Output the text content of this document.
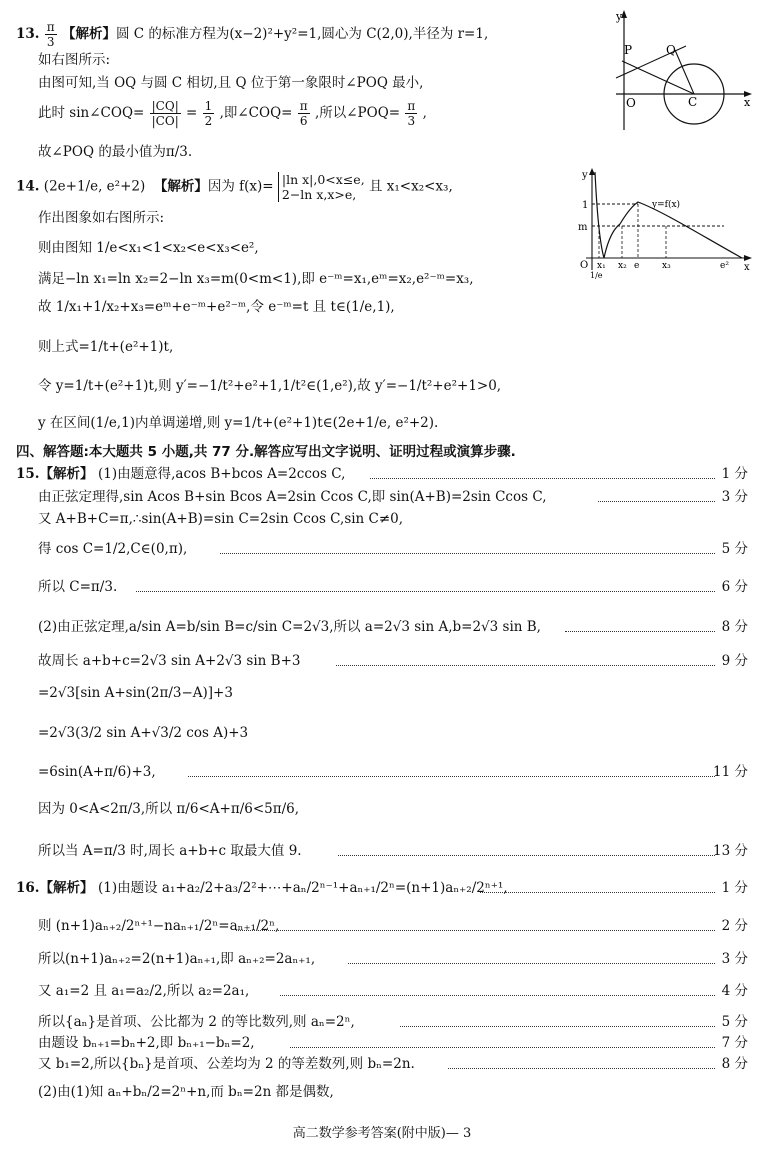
13. $\frac{\pi}{3}$ 【解析】圆 C 的标准方程为(x−2)²+y²=1,圆心为 C(2,0),半径为 r=1,
如右图所示:
由图可知,当 OQ 与圆 C 相切,且 Q 位于第一象限时∠POQ 最小,
此时 sin∠COQ= $\frac{|CQ|}{|CO|} = \frac{1}{2}$ ,即∠COQ= $\frac{\pi}{6}$ ,所以∠POQ= $\frac{\pi}{3}$ ,
故∠POQ 的最小值为π/3.
y
x
P	Q
O	C
14. (2e+1/e, e²+2) 【解析】因为 f(x)= |ln x|,0<x≤e,
2−ln x,x>e, 且 x₁<x₂<x₃,
作出图象如右图所示:
则由图知 1/e<x₁<1<x₂<e<x₃<e²,
满足−ln x₁=ln x₂=2−ln x₃=m(0<m<1),即 e⁻ᵐ=x₁,eᵐ=x₂,e²⁻ᵐ=x₃,
故 1/x₁+1/x₂+x₃=eᵐ+e⁻ᵐ+e²⁻ᵐ,令 e⁻ᵐ=t 且 t∈(1/e,1),
则上式=1/t+(e²+1)t,
令 y=1/t+(e²+1)t,则 y′=−1/t²+e²+1,1/t²∈(1,e²),故 y′=−1/t²+e²+1>0,
y 在区间(1/e,1)内单调递增,则 y=1/t+(e²+1)t∈(2e+1/e, e²+2).
y
x
1
m
O
y=f(x)
x₁ x₂ e	x₃	e²
1/e
四、解答题:本大题共 5 小题,共 77 分.解答应写出文字说明、证明过程或演算步骤.
15.【解析】 (1)由题意得,acos B+bcos A=2ccos C,	1 分
由正弦定理得,sin Acos B+sin Bcos A=2sin Ccos C,即 sin(A+B)=2sin Ccos C,	3 分
又 A+B+C=π,∴sin(A+B)=sin C=2sin Ccos C,sin C≠0,
得 cos C=1/2,C∈(0,π),	5 分
所以 C=π/3.	6 分
(2)由正弦定理,a/sin A=b/sin B=c/sin C=2√3,所以 a=2√3 sin A,b=2√3 sin B,	8 分
故周长 a+b+c=2√3 sin A+2√3 sin B+3	9 分
=2√3[sin A+sin(2π/3−A)]+3
=2√3(3/2 sin A+√3/2 cos A)+3
=6sin(A+π/6)+3,	11 分
因为 0<A<2π/3,所以 π/6<A+π/6<5π/6,
所以当 A=π/3 时,周长 a+b+c 取最大值 9.	13 分
16.【解析】 (1)由题设 a₁+a₂/2+a₃/2²+⋯+aₙ/2ⁿ⁻¹+aₙ₊₁/2ⁿ=(n+1)aₙ₊₂/2ⁿ⁺¹,	1 分
则 (n+1)aₙ₊₂/2ⁿ⁺¹−naₙ₊₁/2ⁿ=aₙ₊₁/2ⁿ,	2 分
所以(n+1)aₙ₊₂=2(n+1)aₙ₊₁,即 aₙ₊₂=2aₙ₊₁,	3 分
又 a₁=2 且 a₁=a₂/2,所以 a₂=2a₁,	4 分
所以{aₙ}是首项、公比都为 2 的等比数列,则 aₙ=2ⁿ,	5 分
由题设 bₙ₊₁=bₙ+2,即 bₙ₊₁−bₙ=2,	7 分
又 b₁=2,所以{bₙ}是首项、公差均为 2 的等差数列,则 bₙ=2n.	8 分
(2)由(1)知 aₙ+bₙ/2=2ⁿ+n,而 bₙ=2n 都是偶数,
高二数学参考答案(附中版)— 3
